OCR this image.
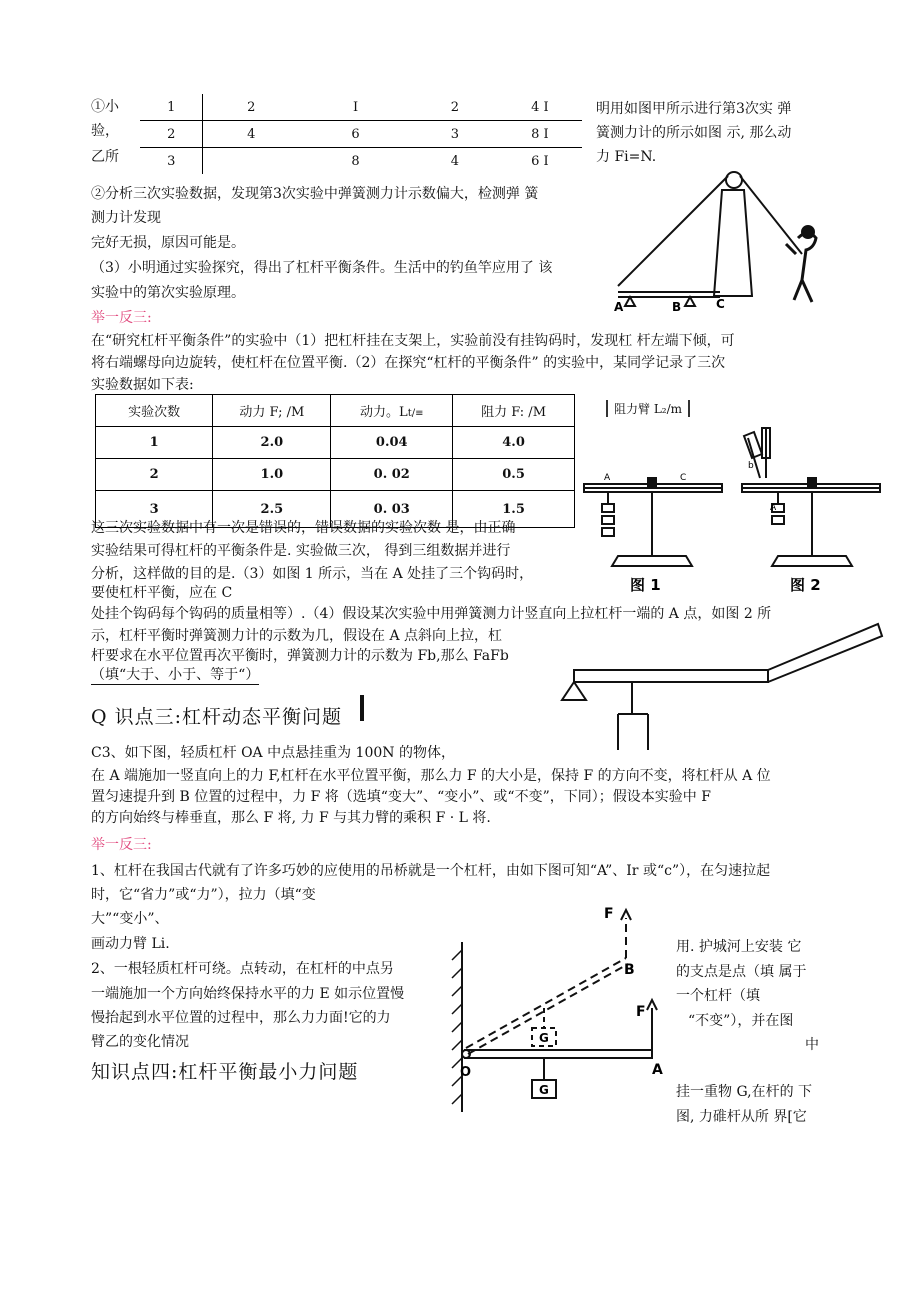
①小
验，
乙所
1	2	I	2	4 I
2	4	6	3	8 I
3		8	4	6 I
明用如图甲所示进行第3次实 弹
簧测力计的所示如图 示, 那么动
力 Fi=N.
②分析三次实验数据，发现第3次实验中弹簧测力计示数偏大，检测弹 簧
测力计发现
完好无损，原因可能是。
（3）小明通过实验探究，得出了杠杆平衡条件。生活中的钓鱼竿应用了 该
实验中的第次实验原理。
A	B	C
举一反三:
在“研究杠杆平衡条件”的实验中（1）把杠杆挂在支架上，实验前没有挂钩码时，发现杠 杆左端下倾，可
将右端螺母向边旋转，使杠杆在位置平衡.（2）在探究“杠杆的平衡条件” 的实验中，某同学记录了三次
实验数据如下表:
实验次数	动力 F; /M	动力。Lt/≡	阻力 F: /M
1	2.0	0.04	4.0
2	1.0	0. 02	0.5
3	2.5	0. 03	1.5
阻力臂 L₂/m
A	C
b
A
图 1	图 2
这三次实验数据中有一次是错误的，错误数据的实验次数 是，由正确
实验结果可得杠杆的平衡条件是. 实验做三次， 得到三组数据并进行
分析，这样做的目的是.（3）如图 1 所示，当在 A 处挂了三个钩码时，
要使杠杆平衡，应在 C
处挂个钩码每个钩码的质量相等）.（4）假设某次实验中用弹簧测力计竖直向上拉杠杆一端的 A 点，如图 2 所
示，杠杆平衡时弹簧测力计的示数为几，假设在 A 点斜向上拉，杠
杆要求在水平位置再次平衡时，弹簧测力计的示数为 Fb,那么 FaFb
（填“大于、小于、等于“）
Q 识点三:杠杆动态平衡问题
C3、如下图，轻质杠杆 OA 中点悬挂重为 100N 的物体，
在 A 端施加一竖直向上的力 F,杠杆在水平位置平衡，那么力 F 的大小是，保持 F 的方向不变，将杠杆从 A 位
置匀速提升到 B 位置的过程中，力 F 将（选填“变大”、“变小”、或“不变”，下同）；假设本实验中 F
的方向始终与棒垂直，那么 F 将, 力 F 与其力臂的乘积 F · L 将.
举一反三:
1、杠杆在我国古代就有了许多巧妙的应使用的吊桥就是一个杠杆，由如下图可知“A”、Ir 或“c”），在匀速拉起
时，它“省力”或“力”），拉力（填“变
大”“变小”、
画动力臂 Li.
2、一根轻质杠杆可绕。点转动，在杠杆的中点另
一端施加一个方向始终保持水平的力 E 如示位置慢
慢抬起到水平位置的过程中，那么力力面!它的力
臂乙的变化情况
用. 护城河上安装 它
的支点是点（填 属于
一个杠杆（填
“不变”），并在图
中
挂一重物 G,在杆的 下
图, 力碓杆从所 界[它
F
B
F
G
G
O	A
知识点四:杠杆平衡最小力问题
